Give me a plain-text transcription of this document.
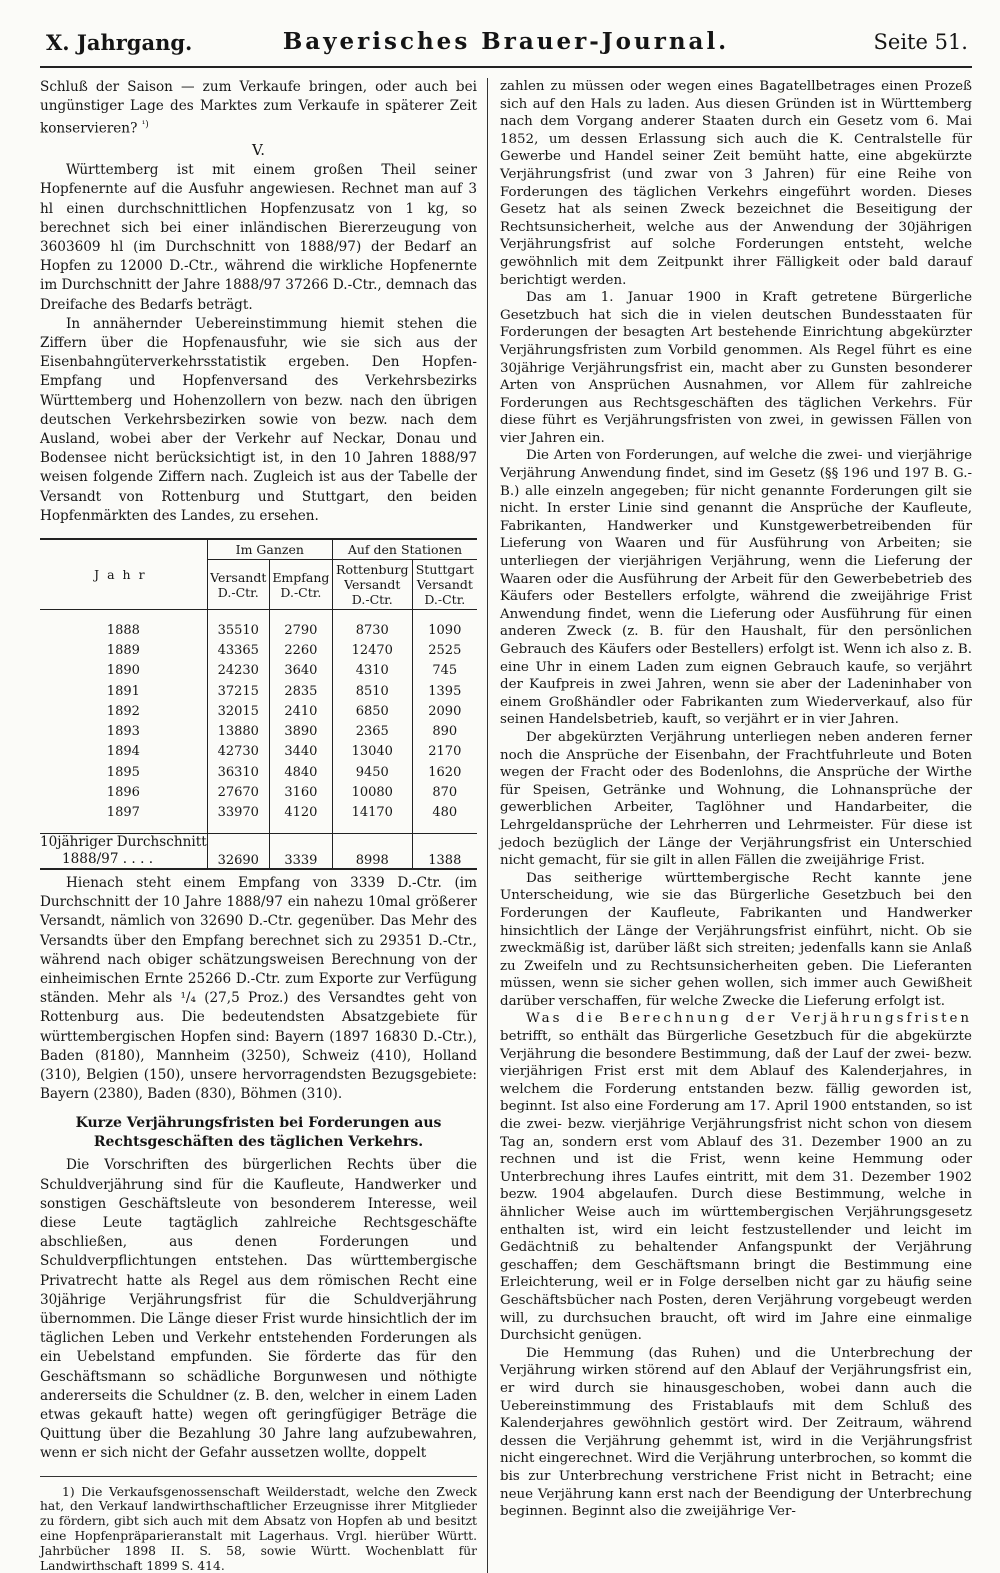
X. Jahrgang.	Bayerisches Brauer-Journal.	Seite 51.

Schluß der Saison — zum Verkaufe bringen, oder auch bei ungünstiger Lage des Marktes zum Verkaufe in späterer Zeit konservieren? $^{^1)}$

V.

Württemberg ist mit einem großen Theil seiner Hopfenernte auf die Ausfuhr angewiesen. Rechnet man auf 3 hl einen durchschnittlichen Hopfenzusatz von 1 kg, so berechnet sich bei einer inländischen Biererzeugung von 3603609 hl (im Durchschnitt von 1888/97) der Bedarf an Hopfen zu 12000 D.-Ctr., während die wirkliche Hopfenernte im Durchschnitt der Jahre 1888/97 37266 D.-Ctr., demnach das Dreifache des Bedarfs beträgt.

In annähernder Uebereinstimmung hiemit stehen die Ziffern über die Hopfenausfuhr, wie sie sich aus der Eisenbahngüterverkehrsstatistik ergeben. Den Hopfen-Empfang und Hopfenversand des Verkehrsbezirks Württemberg und Hohenzollern von bezw. nach den übrigen deutschen Verkehrsbezirken sowie von bezw. nach dem Ausland, wobei aber der Verkehr auf Neckar, Donau und Bodensee nicht berücksichtigt ist, in den 10 Jahren 1888/97 weisen folgende Ziffern nach. Zugleich ist aus der Tabelle der Versandt von Rottenburg und Stuttgart, den beiden Hopfenmärkten des Landes, zu ersehen.

Jahr	Im Ganzen		Auf den Stationen	
	Versandt D.-Ctr.	Empfang D.-Ctr.	Rottenburg Versandt D.-Ctr.	Stuttgart Versandt D.-Ctr.

1888	35510	2790	8730	1090
1889	43365	2260	12470	2525
1890	24230	3640	4310	745
1891	37215	2835	8510	1395
1892	32015	2410	6850	2090
1893	13880	3890	2365	890
1894	42730	3440	13040	2170
1895	36310	4840	9450	1620
1896	27670	3160	10080	870
1897	33970	4120	14170	480

10jähriger Durchschnitt
1888/97 . . . .	32690	3339	8998	1388

Hienach steht einem Empfang von 3339 D.-Ctr. (im Durchschnitt der 10 Jahre 1888/97 ein nahezu 10mal größerer Versandt, nämlich von 32690 D.-Ctr. gegenüber. Das Mehr des Versandts über den Empfang berechnet sich zu 29351 D.-Ctr., während nach obiger schätzungsweisen Berechnung von der einheimischen Ernte 25266 D.-Ctr. zum Exporte zur Verfügung ständen. Mehr als ¹/₄ (27,5 Proz.) des Versandtes geht von Rottenburg aus. Die bedeutendsten Absatzgebiete für württembergischen Hopfen sind: Bayern (1897 16830 D.-Ctr.), Baden (8180), Mannheim (3250), Schweiz (410), Holland (310), Belgien (150), unsere hervorragendsten Bezugsgebiete: Bayern (2380), Baden (830), Böhmen (310).

Kurze Verjährungsfristen bei Forderungen aus Rechtsgeschäften des täglichen Verkehrs.

Die Vorschriften des bürgerlichen Rechts über die Schuldverjährung sind für die Kaufleute, Handwerker und sonstigen Geschäftsleute von besonderem Interesse, weil diese Leute tagtäglich zahlreiche Rechtsgeschäfte abschließen, aus denen Forderungen und Schuldverpflichtungen entstehen. Das württembergische Privatrecht hatte als Regel aus dem römischen Recht eine 30jährige Verjährungsfrist für die Schuldverjährung übernommen. Die Länge dieser Frist wurde hinsichtlich der im täglichen Leben und Verkehr entstehenden Forderungen als ein Uebelstand empfunden. Sie förderte das für den Geschäftsmann so schädliche Borgunwesen und nöthigte andererseits die Schuldner (z. B. den, welcher in einem Laden etwas gekauft hatte) wegen oft geringfügiger Beträge die Quittung über die Bezahlung 30 Jahre lang aufzubewahren, wenn er sich nicht der Gefahr aussetzen wollte, doppelt

1) Die Verkaufsgenossenschaft Weilderstadt, welche den Zweck hat, den Verkauf landwirthschaftlicher Erzeugnisse ihrer Mitglieder zu fördern, gibt sich auch mit dem Absatz von Hopfen ab und besitzt eine Hopfenpräparieranstalt mit Lagerhaus. Vrgl. hierüber Württ. Jahrbücher 1898 II. S. 58, sowie Württ. Wochenblatt für Landwirthschaft 1899 S. 414.

zahlen zu müssen oder wegen eines Bagatellbetrages einen Prozeß sich auf den Hals zu laden. Aus diesen Gründen ist in Württemberg nach dem Vorgang anderer Staaten durch ein Gesetz vom 6. Mai 1852, um dessen Erlassung sich auch die K. Centralstelle für Gewerbe und Handel seiner Zeit bemüht hatte, eine abgekürzte Verjährungsfrist (und zwar von 3 Jahren) für eine Reihe von Forderungen des täglichen Verkehrs eingeführt worden. Dieses Gesetz hat als seinen Zweck bezeichnet die Beseitigung der Rechtsunsicherheit, welche aus der Anwendung der 30jährigen Verjährungsfrist auf solche Forderungen entsteht, welche gewöhnlich mit dem Zeitpunkt ihrer Fälligkeit oder bald darauf berichtigt werden.

Das am 1. Januar 1900 in Kraft getretene Bürgerliche Gesetzbuch hat sich die in vielen deutschen Bundesstaaten für Forderungen der besagten Art bestehende Einrichtung abgekürzter Verjährungsfristen zum Vorbild genommen. Als Regel führt es eine 30jährige Verjährungsfrist ein, macht aber zu Gunsten besonderer Arten von Ansprüchen Ausnahmen, vor Allem für zahlreiche Forderungen aus Rechtsgeschäften des täglichen Verkehrs. Für diese führt es Verjährungsfristen von zwei, in gewissen Fällen von vier Jahren ein.

Die Arten von Forderungen, auf welche die zwei- und vierjährige Verjährung Anwendung findet, sind im Gesetz (§§ 196 und 197 B. G.-B.) alle einzeln angegeben; für nicht genannte Forderungen gilt sie nicht. In erster Linie sind genannt die Ansprüche der Kaufleute, Fabrikanten, Handwerker und Kunstgewerbetreibenden für Lieferung von Waaren und für Ausführung von Arbeiten; sie unterliegen der vierjährigen Verjährung, wenn die Lieferung der Waaren oder die Ausführung der Arbeit für den Gewerbebetrieb des Käufers oder Bestellers erfolgte, während die zweijährige Frist Anwendung findet, wenn die Lieferung oder Ausführung für einen anderen Zweck (z. B. für den Haushalt, für den persönlichen Gebrauch des Käufers oder Bestellers) erfolgt ist. Wenn ich also z. B. eine Uhr in einem Laden zum eignen Gebrauch kaufe, so verjährt der Kaufpreis in zwei Jahren, wenn sie aber der Ladeninhaber von einem Großhändler oder Fabrikanten zum Wiederverkauf, also für seinen Handelsbetrieb, kauft, so verjährt er in vier Jahren.

Der abgekürzten Verjährung unterliegen neben anderen ferner noch die Ansprüche der Eisenbahn, der Frachtfuhrleute und Boten wegen der Fracht oder des Bodenlohns, die Ansprüche der Wirthe für Speisen, Getränke und Wohnung, die Lohnansprüche der gewerblichen Arbeiter, Taglöhner und Handarbeiter, die Lehrgeldansprüche der Lehrherren und Lehrmeister. Für diese ist jedoch bezüglich der Länge der Verjährungsfrist ein Unterschied nicht gemacht, für sie gilt in allen Fällen die zweijährige Frist.

Das seitherige württembergische Recht kannte jene Unterscheidung, wie sie das Bürgerliche Gesetzbuch bei den Forderungen der Kaufleute, Fabrikanten und Handwerker hinsichtlich der Länge der Verjährungsfrist einführt, nicht. Ob sie zweckmäßig ist, darüber läßt sich streiten; jedenfalls kann sie Anlaß zu Zweifeln und zu Rechtsunsicherheiten geben. Die Lieferanten müssen, wenn sie sicher gehen wollen, sich immer auch Gewißheit darüber verschaffen, für welche Zwecke die Lieferung erfolgt ist.

Was die Berechnung der Verjährungsfristen betrifft, so enthält das Bürgerliche Gesetzbuch für die abgekürzte Verjährung die besondere Bestimmung, daß der Lauf der zwei- bezw. vierjährigen Frist erst mit dem Ablauf des Kalenderjahres, in welchem die Forderung entstanden bezw. fällig geworden ist, beginnt. Ist also eine Forderung am 17. April 1900 entstanden, so ist die zwei- bezw. vierjährige Verjährungsfrist nicht schon von diesem Tag an, sondern erst vom Ablauf des 31. Dezember 1900 an zu rechnen und ist die Frist, wenn keine Hemmung oder Unterbrechung ihres Laufes eintritt, mit dem 31. Dezember 1902 bezw. 1904 abgelaufen. Durch diese Bestimmung, welche in ähnlicher Weise auch im württembergischen Verjährungsgesetz enthalten ist, wird ein leicht festzustellender und leicht im Gedächtniß zu behaltender Anfangspunkt der Verjährung geschaffen; dem Geschäftsmann bringt die Bestimmung eine Erleichterung, weil er in Folge derselben nicht gar zu häufig seine Geschäftsbücher nach Posten, deren Verjährung vorgebeugt werden will, zu durchsuchen braucht, oft wird im Jahre eine einmalige Durchsicht genügen.

Die Hemmung (das Ruhen) und die Unterbrechung der Verjährung wirken störend auf den Ablauf der Verjährungsfrist ein, er wird durch sie hinausgeschoben, wobei dann auch die Uebereinstimmung des Fristablaufs mit dem Schluß des Kalenderjahres gewöhnlich gestört wird. Der Zeitraum, während dessen die Verjährung gehemmt ist, wird in die Verjährungsfrist nicht eingerechnet. Wird die Verjährung unterbrochen, so kommt die bis zur Unterbrechung verstrichene Frist nicht in Betracht; eine neue Verjährung kann erst nach der Beendigung der Unterbrechung beginnen. Beginnt also die zweijährige Ver-
